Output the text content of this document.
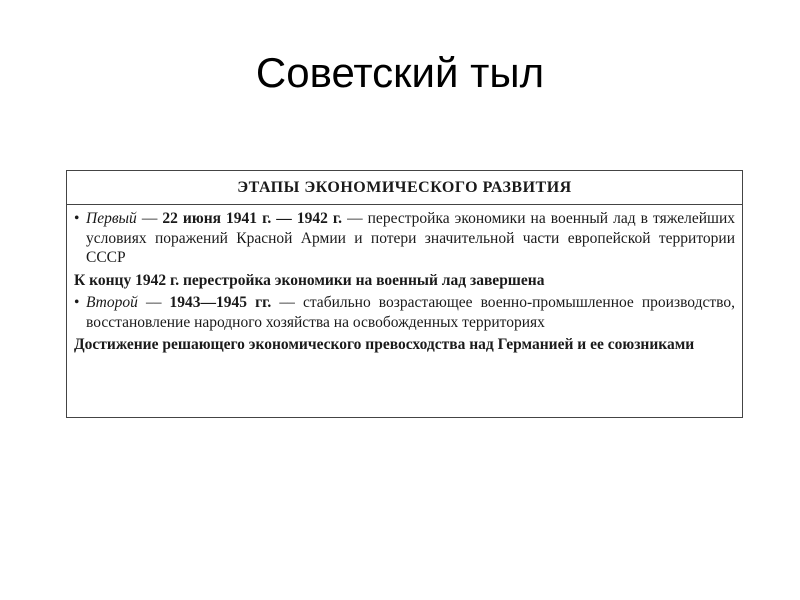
Советский тыл
ЭТАПЫ ЭКОНОМИЧЕСКОГО РАЗВИТИЯ

• Первый — 22 июня 1941 г. — 1942 г. — перестройка экономики на военный лад в тяжелейших условиях поражений Красной Армии и потери значительной части европейской территории СССР

К концу 1942 г. перестройка экономики на военный лад завершена

• Второй –– 1943—1945 гг. –– стабильно возрастающее военно-промышленное производство, восстановление народного хозяйства на освобожденных территориях

Достижение решающего экономического превосходства над Германией и ее союзниками
